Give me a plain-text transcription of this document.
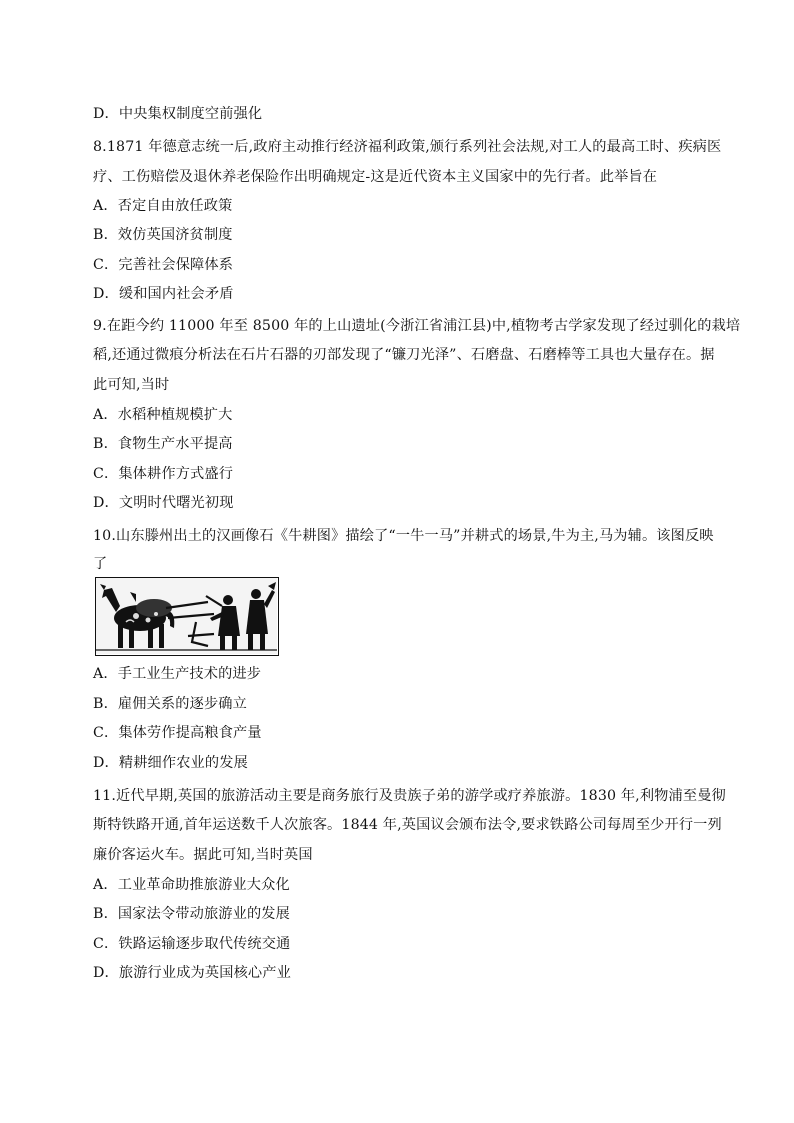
D．中央集权制度空前强化
8.1871 年德意志统一后,政府主动推行经济福利政策,颁行系列社会法规,对工人的最高工时、疾病医
疗、工伤赔偿及退休养老保险作出明确规定-这是近代资本主义国家中的先行者。此举旨在
A．否定自由放任政策
B．效仿英国济贫制度
C．完善社会保障体系
D．缓和国内社会矛盾
9.在距今约 11000 年至 8500 年的上山遗址(今浙江省浦江县)中,植物考古学家发现了经过驯化的栽培
稻,还通过微痕分析法在石片石器的刃部发现了“镰刀光泽”、石磨盘、石磨棒等工具也大量存在。据
此可知,当时
A．水稻种植规模扩大
B．食物生产水平提高
C．集体耕作方式盛行
D．文明时代曙光初现
10.山东滕州出土的汉画像石《牛耕图》描绘了“一牛一马”并耕式的场景,牛为主,马为辅。该图反映
了
A．手工业生产技术的进步
B．雇佣关系的逐步确立
C．集体劳作提高粮食产量
D．精耕细作农业的发展
11.近代早期,英国的旅游活动主要是商务旅行及贵族子弟的游学或疗养旅游。1830 年,利物浦至曼彻
斯特铁路开通,首年运送数千人次旅客。1844 年,英国议会颁布法令,要求铁路公司每周至少开行一列
廉价客运火车。据此可知,当时英国
A．工业革命助推旅游业大众化
B．国家法令带动旅游业的发展
C．铁路运输逐步取代传统交通
D．旅游行业成为英国核心产业
